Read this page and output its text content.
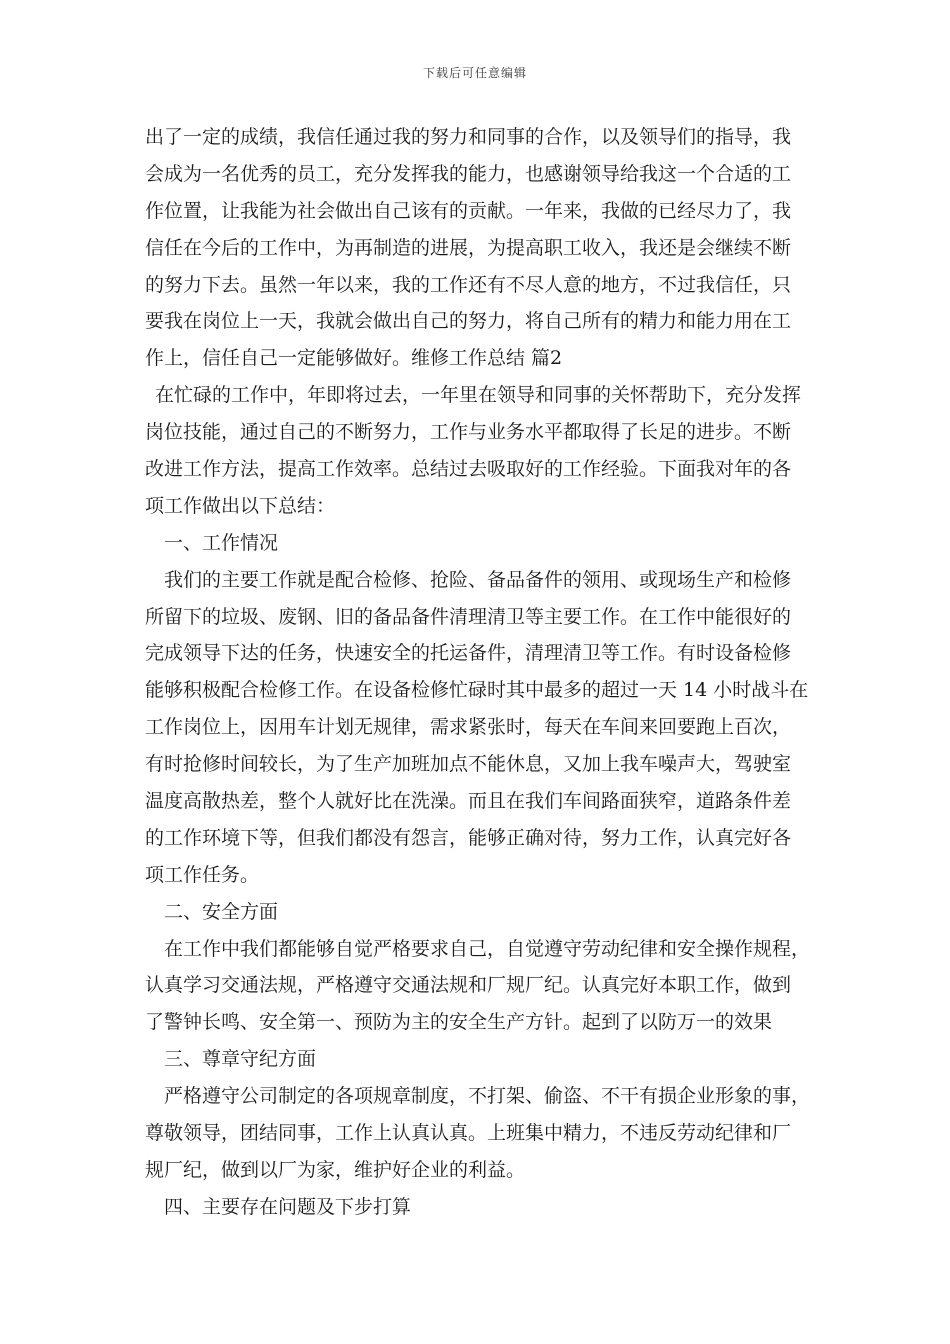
下载后可任意编辑
出了一定的成绩，我信任通过我的努力和同事的合作，以及领导们的指导，我
会成为一名优秀的员工，充分发挥我的能力，也感谢领导给我这一个合适的工
作位置，让我能为社会做出自己该有的贡献。一年来，我做的已经尽力了，我
信任在今后的工作中，为再制造的进展，为提高职工收入，我还是会继续不断
的努力下去。虽然一年以来，我的工作还有不尽人意的地方，不过我信任，只
要我在岗位上一天，我就会做出自己的努力，将自己所有的精力和能力用在工
作上，信任自己一定能够做好。维修工作总结 篇2
在忙碌的工作中，年即将过去，一年里在领导和同事的关怀帮助下，充分发挥
岗位技能，通过自己的不断努力，工作与业务水平都取得了长足的进步。不断
改进工作方法，提高工作效率。总结过去吸取好的工作经验。下面我对年的各
项工作做出以下总结：
一、工作情况
我们的主要工作就是配合检修、抢险、备品备件的领用、或现场生产和检修
所留下的垃圾、废钢、旧的备品备件清理清卫等主要工作。在工作中能很好的
完成领导下达的任务，快速安全的托运备件，清理清卫等工作。有时设备检修
能够积极配合检修工作。在设备检修忙碌时其中最多的超过一天 14 小时战斗在
工作岗位上，因用车计划无规律，需求紧张时，每天在车间来回要跑上百次，
有时抢修时间较长，为了生产加班加点不能休息，又加上我车噪声大，驾驶室
温度高散热差，整个人就好比在洗澡。而且在我们车间路面狭窄，道路条件差
的工作环境下等，但我们都没有怨言，能够正确对待，努力工作，认真完好各
项工作任务。
二、安全方面
在工作中我们都能够自觉严格要求自己，自觉遵守劳动纪律和安全操作规程，
认真学习交通法规，严格遵守交通法规和厂规厂纪。认真完好本职工作，做到
了警钟长鸣、安全第一、预防为主的安全生产方针。起到了以防万一的效果
三、尊章守纪方面
严格遵守公司制定的各项规章制度，不打架、偷盗、不干有损企业形象的事，
尊敬领导，团结同事，工作上认真认真。上班集中精力，不违反劳动纪律和厂
规厂纪，做到以厂为家，维护好企业的利益。
四、主要存在问题及下步打算
